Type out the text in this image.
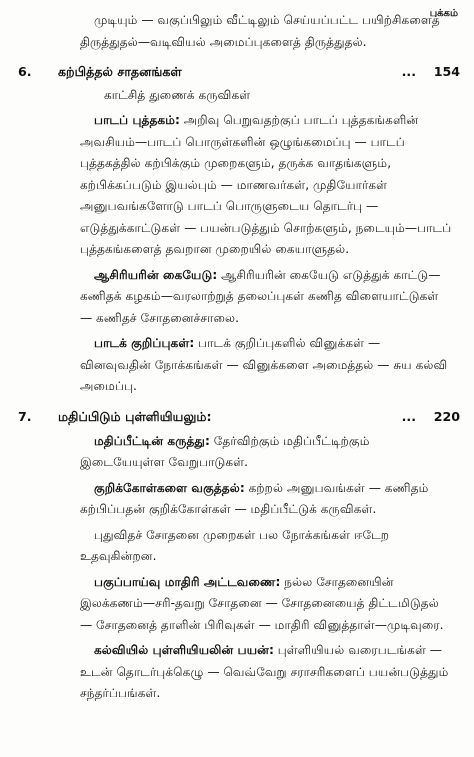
பக்கம்
முடியும் — வகுப்பிலும் வீட்டிலும் செய்யப்பட்ட பயிற்சிகளைத் திருத்துதல்—வடிவியல் அமைப்புகளைத் திருத்துதல்.
6.	கற்பித்தல் சாதனங்கள்	...	154
காட்சித் துணைக் கருவிகள்
பாடப் புத்தகம்: அறிவு பெறுவதற்குப் பாடப் புத்தகங்களின் அவசியம்—பாடப் பொருள்களின் ஒழுங்கமைப்பு — பாடப் புத்தகத்தில் கற்பிக்கும் முறைகளும், தருக்க வாதங்களும், கற்பிக்கப்படும் இயல்பும் — மாணவர்கள், முதியோர்கள் அனுபவங்களோடு பாடப் பொருளுடைய தொடர்பு — எடுத்துக்காட்டுகள் — பயன்படுத்தும் சொற்களும், நடையும்—பாடப் புத்தகங்களைத் தவறான முறையில் கையாளுதல்.
ஆசிரியரின் கையேடு: ஆசிரியரின் கையேடு எடுத்துக் காட்டு—கணிதக் கழகம்—வரலாற்றுத் தலைப்புகள் கணித விளையாட்டுகள் — கணிதச் சோதனைச்சாலை.
பாடக் குறிப்புகள்: பாடக் குறிப்புகளில் வினுக்கள் — வினவுவதின் நோக்கங்கள் — வினுக்களை அமைத்தல் — சுய கல்வி அமைப்பு.
7.	மதிப்பிடும் புள்ளியியலும்:	...	220
மதிப்பீட்டின் கருத்து: தேர்விற்கும் மதிப்பீட்டிற்கும் இடையேயுள்ள வேறுபாடுகள்.
குறிக்கோள்களை வகுத்தல்: கற்றல் அனுபவங்கள் — கணிதம் கற்பிப்பதன் குறிக்கோள்கள் — மதிப்பீட்டுக் கருவிகள்.
புதுவிதச் சோதனை முறைகள் பல நோக்கங்கள் ஈடேற உதவுகின்றன.
பகுப்பாய்வு மாதிரி அட்டவணை: நல்ல சோதனையின் இலக்கணம்—சரி-தவறு சோதனை — சோதனையைத் திட்டமிடுதல் — சோதனைத் தாளின் பிரிவுகள் — மாதிரி வினுத்தாள்—முடிவுரை.
கல்வியில் புள்ளியியலின் பயன்: புள்ளியியல் வரைபடங்கள் — உடன் தொடர்புக்கெழு — வெவ்வேறு சராசரிகளைப் பயன்படுத்தும் சந்தர்ப்பங்கள்.
